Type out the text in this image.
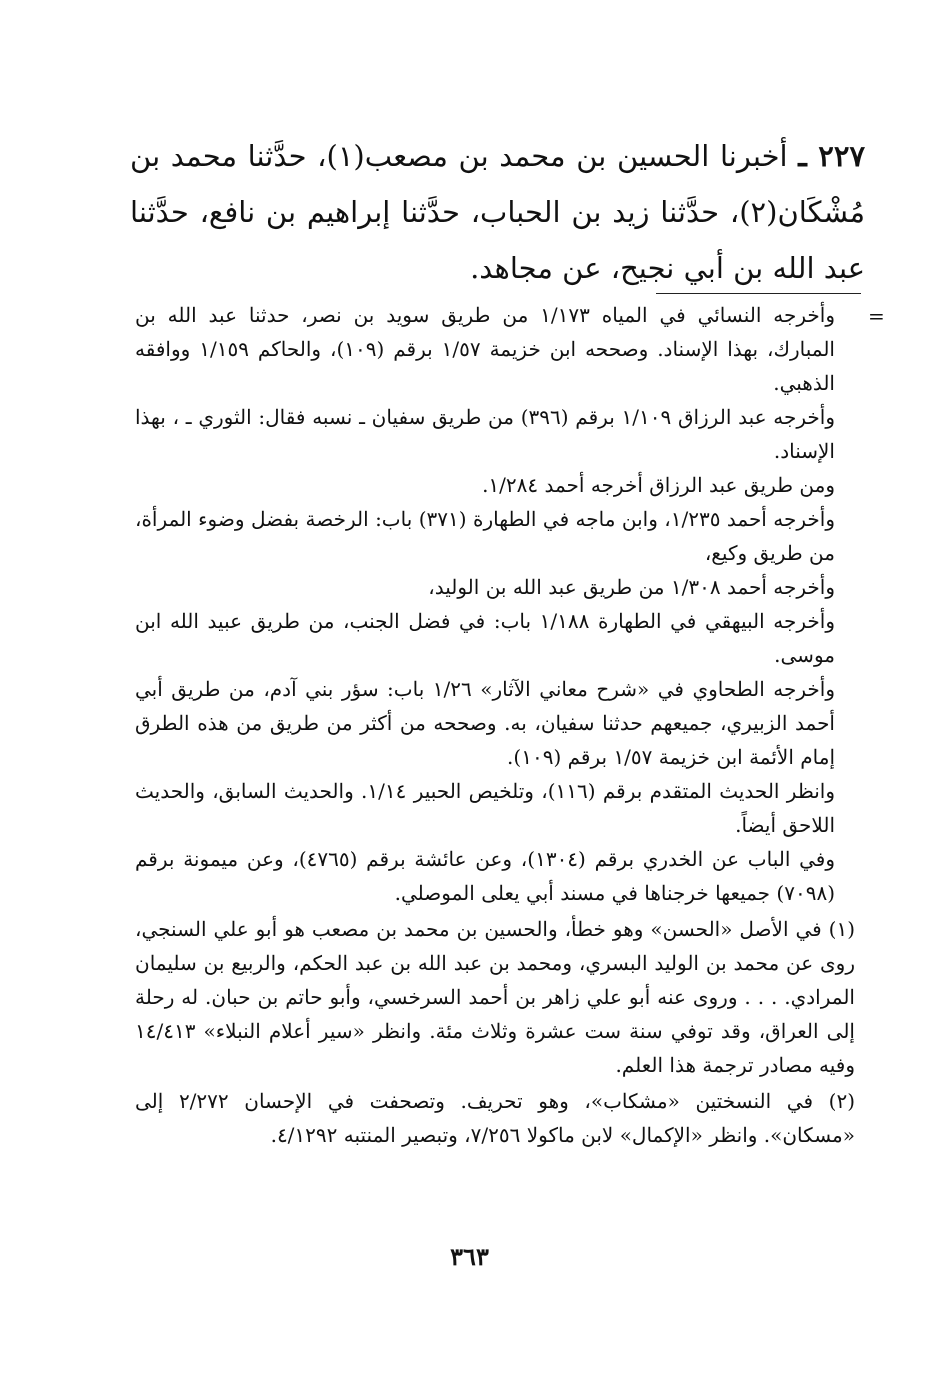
٢٢٧ ـ أخبرنا الحسين بن محمد بن مصعب(١)، حدَّثنا محمد بن مُشْكَان(٢)، حدَّثنا زيد بن الحباب، حدَّثنا إبراهيم بن نافع، حدَّثنا عبد الله بن أبي نجيح، عن مجاهد.
=

وأخرجه النسائي في المياه ١/١٧٣ من طريق سويد بن نصر، حدثنا عبد الله بن المبارك، بهذا الإسناد. وصححه ابن خزيمة ١/٥٧ برقم (١٠٩)، والحاكم ١/١٥٩ ووافقه الذهبي.

وأخرجه عبد الرزاق ١/١٠٩ برقم (٣٩٦) من طريق سفيان ـ نسبه فقال: الثوري ـ ، بهذا الإسناد.

ومن طريق عبد الرزاق أخرجه أحمد ١/٢٨٤.

وأخرجه أحمد ١/٢٣٥، وابن ماجه في الطهارة (٣٧١) باب: الرخصة بفضل وضوء المرأة، من طريق وكيع،

وأخرجه أحمد ١/٣٠٨ من طريق عبد الله بن الوليد،

وأخرجه البيهقي في الطهارة ١/١٨٨ باب: في فضل الجنب، من طريق عبيد الله ابن موسى.

وأخرجه الطحاوي في «شرح معاني الآثار» ١/٢٦ باب: سؤر بني آدم، من طريق أبي أحمد الزبيري، جميعهم حدثنا سفيان، به. وصححه من أكثر من طريق من هذه الطرق إمام الأئمة ابن خزيمة ١/٥٧ برقم (١٠٩).

وانظر الحديث المتقدم برقم (١١٦)، وتلخيص الحبير ١/١٤. والحديث السابق، والحديث اللاحق أيضاً.

وفي الباب عن الخدري برقم (١٣٠٤)، وعن عائشة برقم (٤٧٦٥)، وعن ميمونة برقم (٧٠٩٨) جميعها خرجناها في مسند أبي يعلى الموصلي.

(١) في الأصل «الحسن» وهو خطأ، والحسين بن محمد بن مصعب هو أبو علي السنجي، روى عن محمد بن الوليد البسري، ومحمد بن عبد الله بن عبد الحكم، والربيع بن سليمان المرادي. . . . وروى عنه أبو علي زاهر بن أحمد السرخسي، وأبو حاتم بن حبان. له رحلة إلى العراق، وقد توفي سنة ست عشرة وثلاث مئة. وانظر «سير أعلام النبلاء» ١٤/٤١٣ وفيه مصادر ترجمة هذا العلم.

(٢) في النسختين «مشكاب»، وهو تحريف. وتصحفت في الإحسان ٢/٢٧٢ إلى «مسكان». وانظر «الإكمال» لابن ماكولا ٧/٢٥٦، وتبصير المنتبه ٤/١٢٩٢.

٣٦٣
